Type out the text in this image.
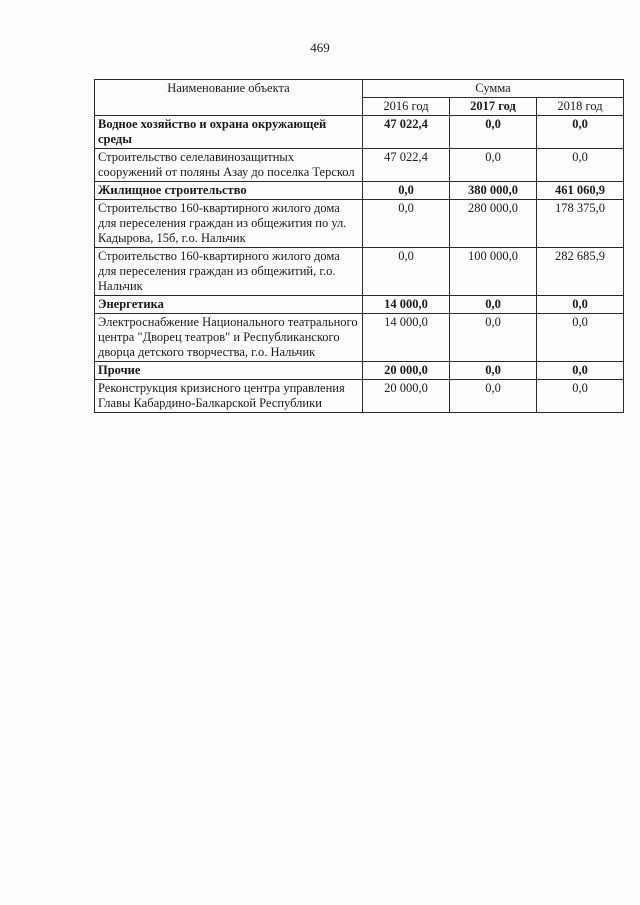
469
Наименование объекта	Сумма		
	2016 год	2017 год	2018 год
Водное хозяйство и охрана окружающей среды	47 022,4	0,0	0,0
Строительство селелавинозащитных сооружений от поляны Азау до поселка Терскол	47 022,4	0,0	0,0
Жилищное строительство	0,0	380 000,0	461 060,9
Строительство 160-квартирного жилого дома для переселения граждан из общежития по ул. Кадырова, 15б, г.о. Нальчик	0,0	280 000,0	178 375,0
Строительство 160-квартирного жилого дома для переселения граждан из общежитий, г.о. Нальчик	0,0	100 000,0	282 685,9
Энергетика	14 000,0	0,0	0,0
Электроснабжение Национального театрального центра "Дворец театров" и Республиканского дворца детского творчества, г.о. Нальчик	14 000,0	0,0	0,0
Прочие	20 000,0	0,0	0,0
Реконструкция кризисного центра управления Главы Кабардино-Балкарской Республики	20 000,0	0,0	0,0
